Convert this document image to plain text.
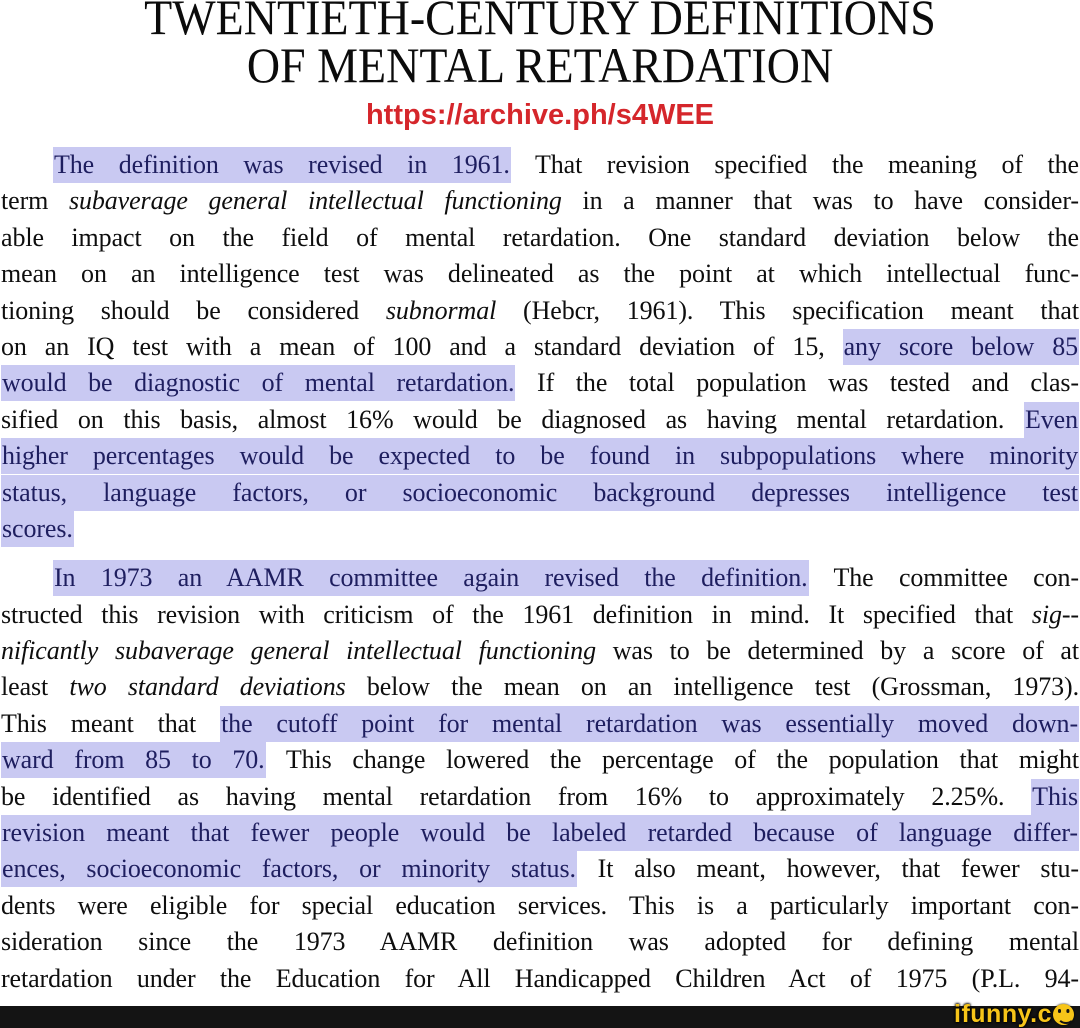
TWENTIETH-CENTURY DEFINITIONS
OF MENTAL RETARDATION
https://archive.ph/s4WEE
The definition was revised in 1961. That revision specified the meaning of the
term subaverage general intellectual functioning in a manner that was to have consider-
able impact on the field of mental retardation. One standard deviation below the
mean on an intelligence test was delineated as the point at which intellectual func-
tioning should be considered subnormal (Hebcr, 1961). This specification meant that
on an IQ test with a mean of 100 and a standard deviation of 15, any score below 85
would be diagnostic of mental retardation. If the total population was tested and clas-
sified on this basis, almost 16% would be diagnosed as having mental retardation. Even
higher percentages would be expected to be found in subpopulations where minority
status, language factors, or socioeconomic background depresses intelligence test
scores.
In 1973 an AAMR committee again revised the definition. The committee con-
structed this revision with criticism of the 1961 definition in mind. It specified that sig--
nificantly subaverage general intellectual functioning was to be determined by a score of at
least two standard deviations below the mean on an intelligence test (Grossman, 1973).
This meant that the cutoff point for mental retardation was essentially moved down-
ward from 85 to 70. This change lowered the percentage of the population that might
be identified as having mental retardation from 16% to approximately 2.25%. This
revision meant that fewer people would be labeled retarded because of language differ-
ences, socioeconomic factors, or minority status. It also meant, however, that fewer stu-
dents were eligible for special education services. This is a particularly important con-
sideration since the 1973 AAMR definition was adopted for defining mental
retardation under the Education for All Handicapped Children Act of 1975 (P.L. 94-
ifunny.c
